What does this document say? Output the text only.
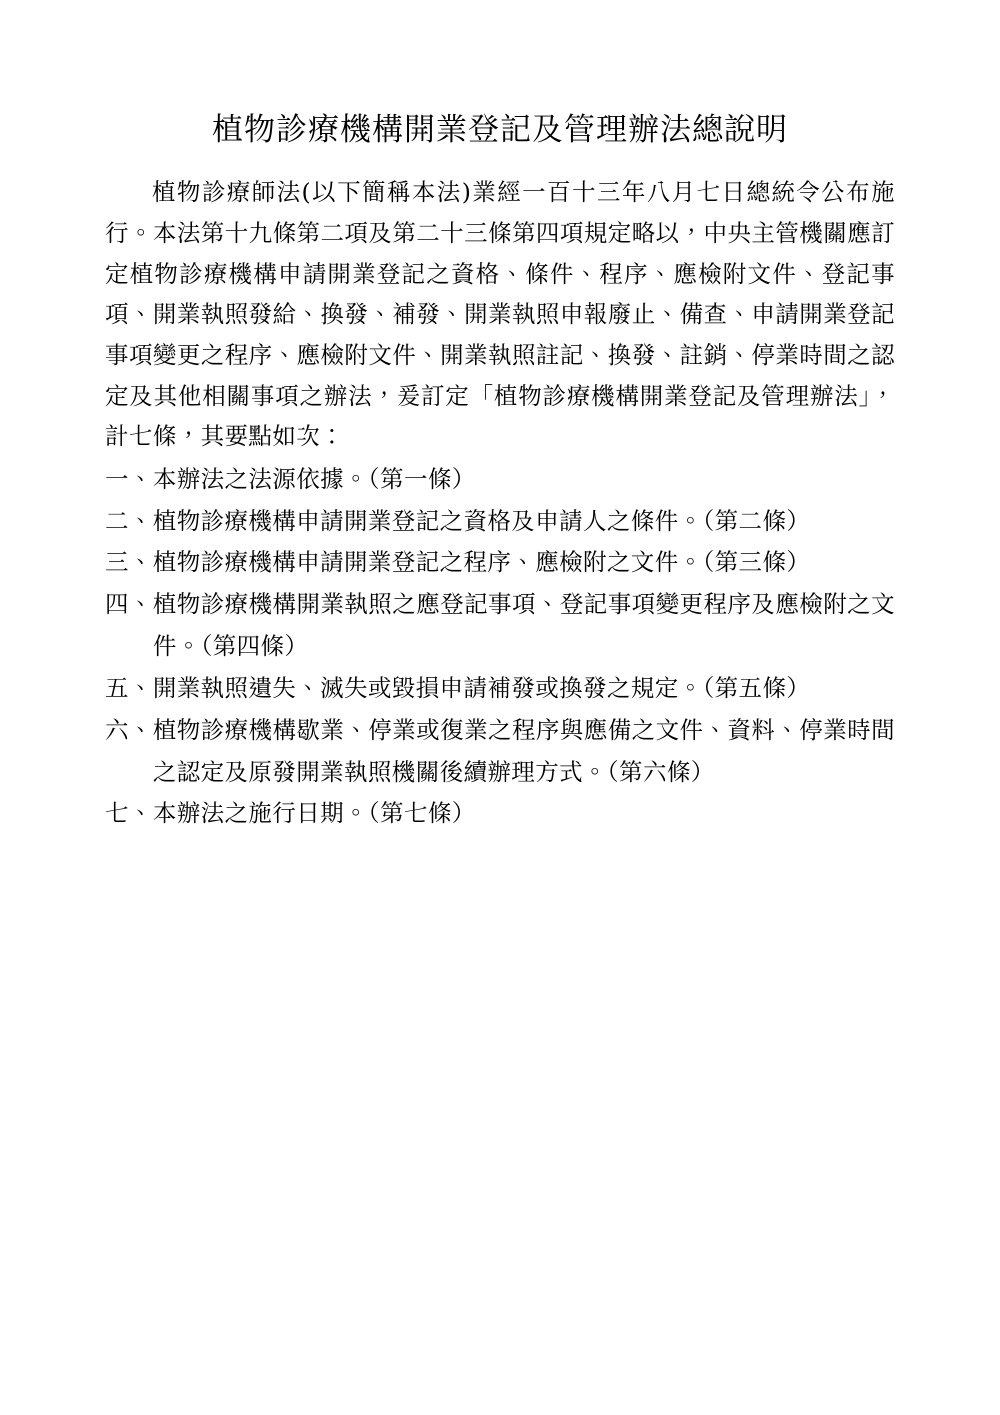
植物診療機構開業登記及管理辦法總說明

植物診療師法(以下簡稱本法)業經一百十三年八月七日總統令公布施行。本法第十九條第二項及第二十三條第四項規定略以，中央主管機關應訂定植物診療機構申請開業登記之資格、條件、程序、應檢附文件、登記事項、開業執照發給、換發、補發、開業執照申報廢止、備查、申請開業登記事項變更之程序、應檢附文件、開業執照註記、換發、註銷、停業時間之認定及其他相關事項之辦法，爰訂定「植物診療機構開業登記及管理辦法」，計七條，其要點如次：

一、 本辦法之法源依據。（第一條）
二、 植物診療機構申請開業登記之資格及申請人之條件。（第二條）
三、 植物診療機構申請開業登記之程序、應檢附之文件。（第三條）
四、 植物診療機構開業執照之應登記事項、登記事項變更程序及應檢附之文件。（第四條）
五、 開業執照遺失、滅失或毀損申請補發或換發之規定。（第五條）
六、 植物診療機構歇業、停業或復業之程序與應備之文件、資料、停業時間之認定及原發開業執照機關後續辦理方式。（第六條）
七、 本辦法之施行日期。（第七條）
